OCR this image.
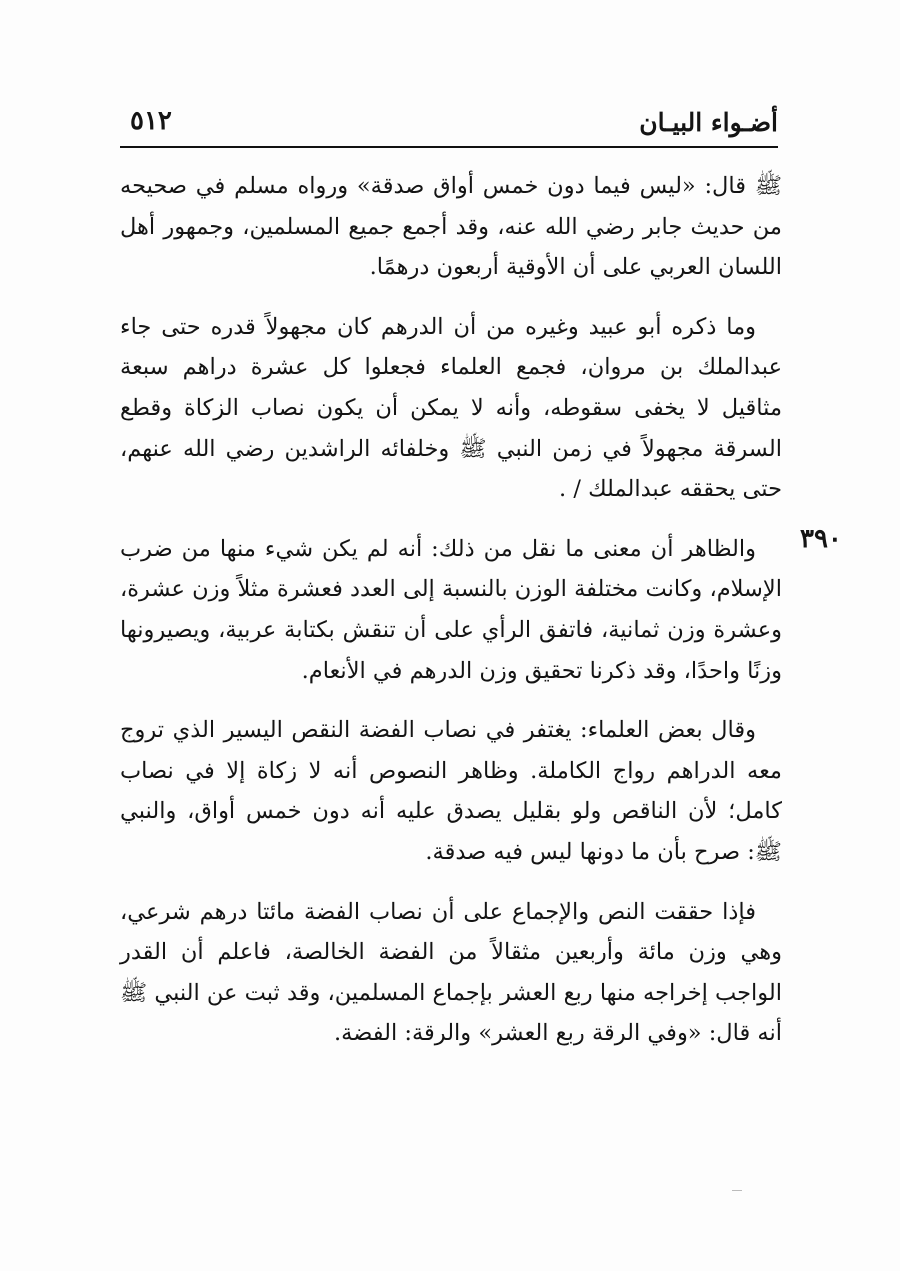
أضـواء البيـان
٥١٢

ﷺ قال: «ليس فيما دون خمس أواق صدقة» ورواه مسلم في صحيحه من حديث جابر رضي الله عنه، وقد أجمع جميع المسلمين، وجمهور أهل اللسان العربي على أن الأوقية أربعون درهمًا.

وما ذكره أبو عبيد وغيره من أن الدرهم كان مجهولاً قدره حتى جاء عبدالملك بن مروان، فجمع العلماء فجعلوا كل عشرة دراهم سبعة مثاقيل لا يخفى سقوطه، وأنه لا يمكن أن يكون نصاب الزكاة وقطع السرقة مجهولاً في زمن النبي ﷺ وخلفائه الراشدين رضي الله عنهم، حتى يحققه عبدالملك / .

والظاهر أن معنى ما نقل من ذلك: أنه لم يكن شيء منها من ضرب الإسلام، وكانت مختلفة الوزن بالنسبة إلى العدد فعشرة مثلاً وزن عشرة، وعشرة وزن ثمانية، فاتفق الرأي على أن تنقش بكتابة عربية، ويصيرونها وزنًا واحدًا، وقد ذكرنا تحقيق وزن الدرهم في الأنعام.

وقال بعض العلماء: يغتفر في نصاب الفضة النقص اليسير الذي تروج معه الدراهم رواج الكاملة. وظاهر النصوص أنه لا زكاة إلا في نصاب كامل؛ لأن الناقص ولو بقليل يصدق عليه أنه دون خمس أواق، والنبي ﷺ: صرح بأن ما دونها ليس فيه صدقة.

فإذا حققت النص والإجماع على أن نصاب الفضة مائتا درهم شرعي، وهي وزن مائة وأربعين مثقالاً من الفضة الخالصة، فاعلم أن القدر الواجب إخراجه منها ربع العشر بإجماع المسلمين، وقد ثبت عن النبي ﷺ أنه قال: «وفي الرقة ربع العشر» والرقة: الفضة.

٣٩٠
